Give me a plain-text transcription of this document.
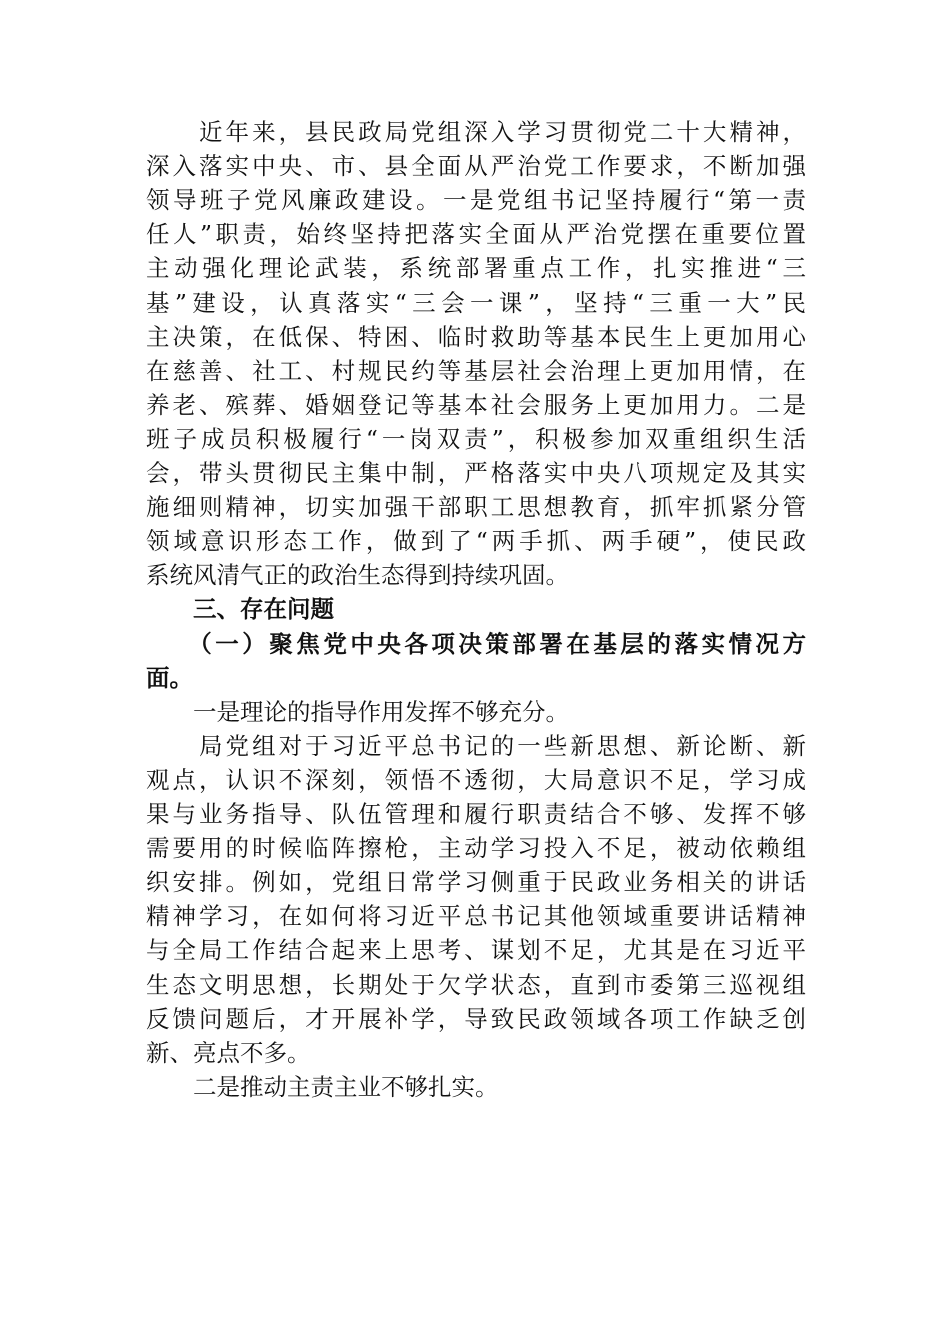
　　近年来，县民政局党组深入学习贯彻党二十大精神，
深入落实中央、市、县全面从严治党工作要求，不断加强
领导班子党风廉政建设。一是党组书记坚持履行“第一责
任人”职责，始终坚持把落实全面从严治党摆在重要位置
主动强化理论武装，系统部署重点工作，扎实推进“三
基”建设，认真落实“三会一课”，坚持“三重一大”民
主决策，在低保、特困、临时救助等基本民生上更加用心
在慈善、社工、村规民约等基层社会治理上更加用情，在
养老、殡葬、婚姻登记等基本社会服务上更加用力。二是
班子成员积极履行“一岗双责”，积极参加双重组织生活
会，带头贯彻民主集中制，严格落实中央八项规定及其实
施细则精神，切实加强干部职工思想教育，抓牢抓紧分管
领域意识形态工作，做到了“两手抓、两手硬”，使民政
系统风清气正的政治生态得到持续巩固。
　　三、存在问题
　　（一）聚焦党中央各项决策部署在基层的落实情况方
面。
　　一是理论的指导作用发挥不够充分。
　　局党组对于习近平总书记的一些新思想、新论断、新
观点，认识不深刻，领悟不透彻，大局意识不足，学习成
果与业务指导、队伍管理和履行职责结合不够、发挥不够
需要用的时候临阵擦枪，主动学习投入不足，被动依赖组
织安排。例如，党组日常学习侧重于民政业务相关的讲话
精神学习，在如何将习近平总书记其他领域重要讲话精神
与全局工作结合起来上思考、谋划不足，尤其是在习近平
生态文明思想，长期处于欠学状态，直到市委第三巡视组
反馈问题后，才开展补学，导致民政领域各项工作缺乏创
新、亮点不多。
　　二是推动主责主业不够扎实。
